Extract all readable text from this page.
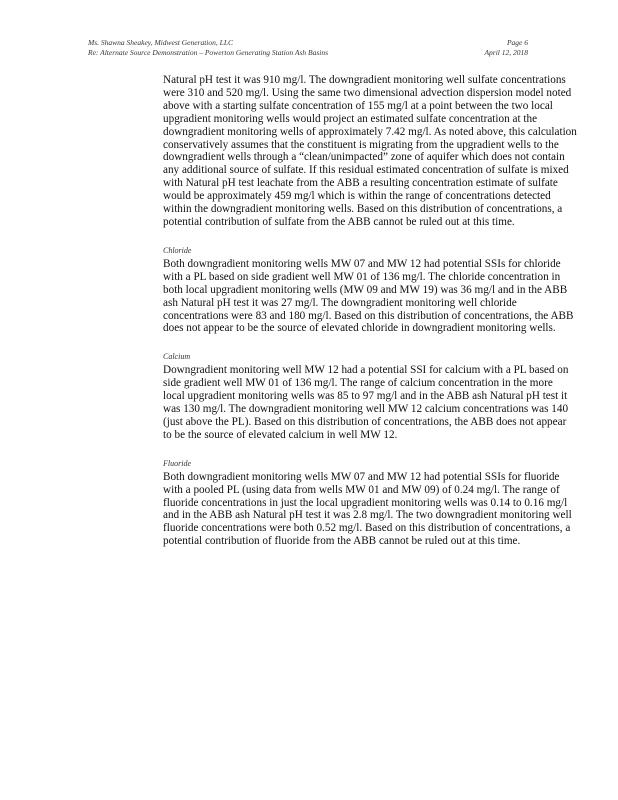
Ms. Shawna Sheakey, Midwest Generation, LLC	Page 6
Re: Alternate Source Demonstration – Powerton Generating Station Ash Basins	April 12, 2018

Natural pH test it was 910 mg/l. The downgradient monitoring well sulfate concentrations were 310 and 520 mg/l. Using the same two dimensional advection dispersion model noted above with a starting sulfate concentration of 155 mg/l at a point between the two local upgradient monitoring wells would project an estimated sulfate concentration at the downgradient monitoring wells of approximately 7.42 mg/l. As noted above, this calculation conservatively assumes that the constituent is migrating from the upgradient wells to the downgradient wells through a “clean/unimpacted” zone of aquifer which does not contain any additional source of sulfate. If this residual estimated concentration of sulfate is mixed with Natural pH test leachate from the ABB a resulting concentration estimate of sulfate would be approximately 459 mg/l which is within the range of concentrations detected within the downgradient monitoring wells. Based on this distribution of concentrations, a potential contribution of sulfate from the ABB cannot be ruled out at this time.

Chloride

Both downgradient monitoring wells MW 07 and MW 12 had potential SSIs for chloride with a PL based on side gradient well MW 01 of 136 mg/l. The chloride concentration in both local upgradient monitoring wells (MW 09 and MW 19) was 36 mg/l and in the ABB ash Natural pH test it was 27 mg/l. The downgradient monitoring well chloride concentrations were 83 and 180 mg/l. Based on this distribution of concentrations, the ABB does not appear to be the source of elevated chloride in downgradient monitoring wells.

Calcium

Downgradient monitoring well MW 12 had a potential SSI for calcium with a PL based on side gradient well MW 01 of 136 mg/l. The range of calcium concentration in the more local upgradient monitoring wells was 85 to 97 mg/l and in the ABB ash Natural pH test it was 130 mg/l. The downgradient monitoring well MW 12 calcium concentrations was 140 (just above the PL). Based on this distribution of concentrations, the ABB does not appear to be the source of elevated calcium in well MW 12.

Fluoride

Both downgradient monitoring wells MW 07 and MW 12 had potential SSIs for fluoride with a pooled PL (using data from wells MW 01 and MW 09) of 0.24 mg/l. The range of fluoride concentrations in just the local upgradient monitoring wells was 0.14 to 0.16 mg/l and in the ABB ash Natural pH test it was 2.8 mg/l. The two downgradient monitoring well fluoride concentrations were both 0.52 mg/l. Based on this distribution of concentrations, a potential contribution of fluoride from the ABB cannot be ruled out at this time.
